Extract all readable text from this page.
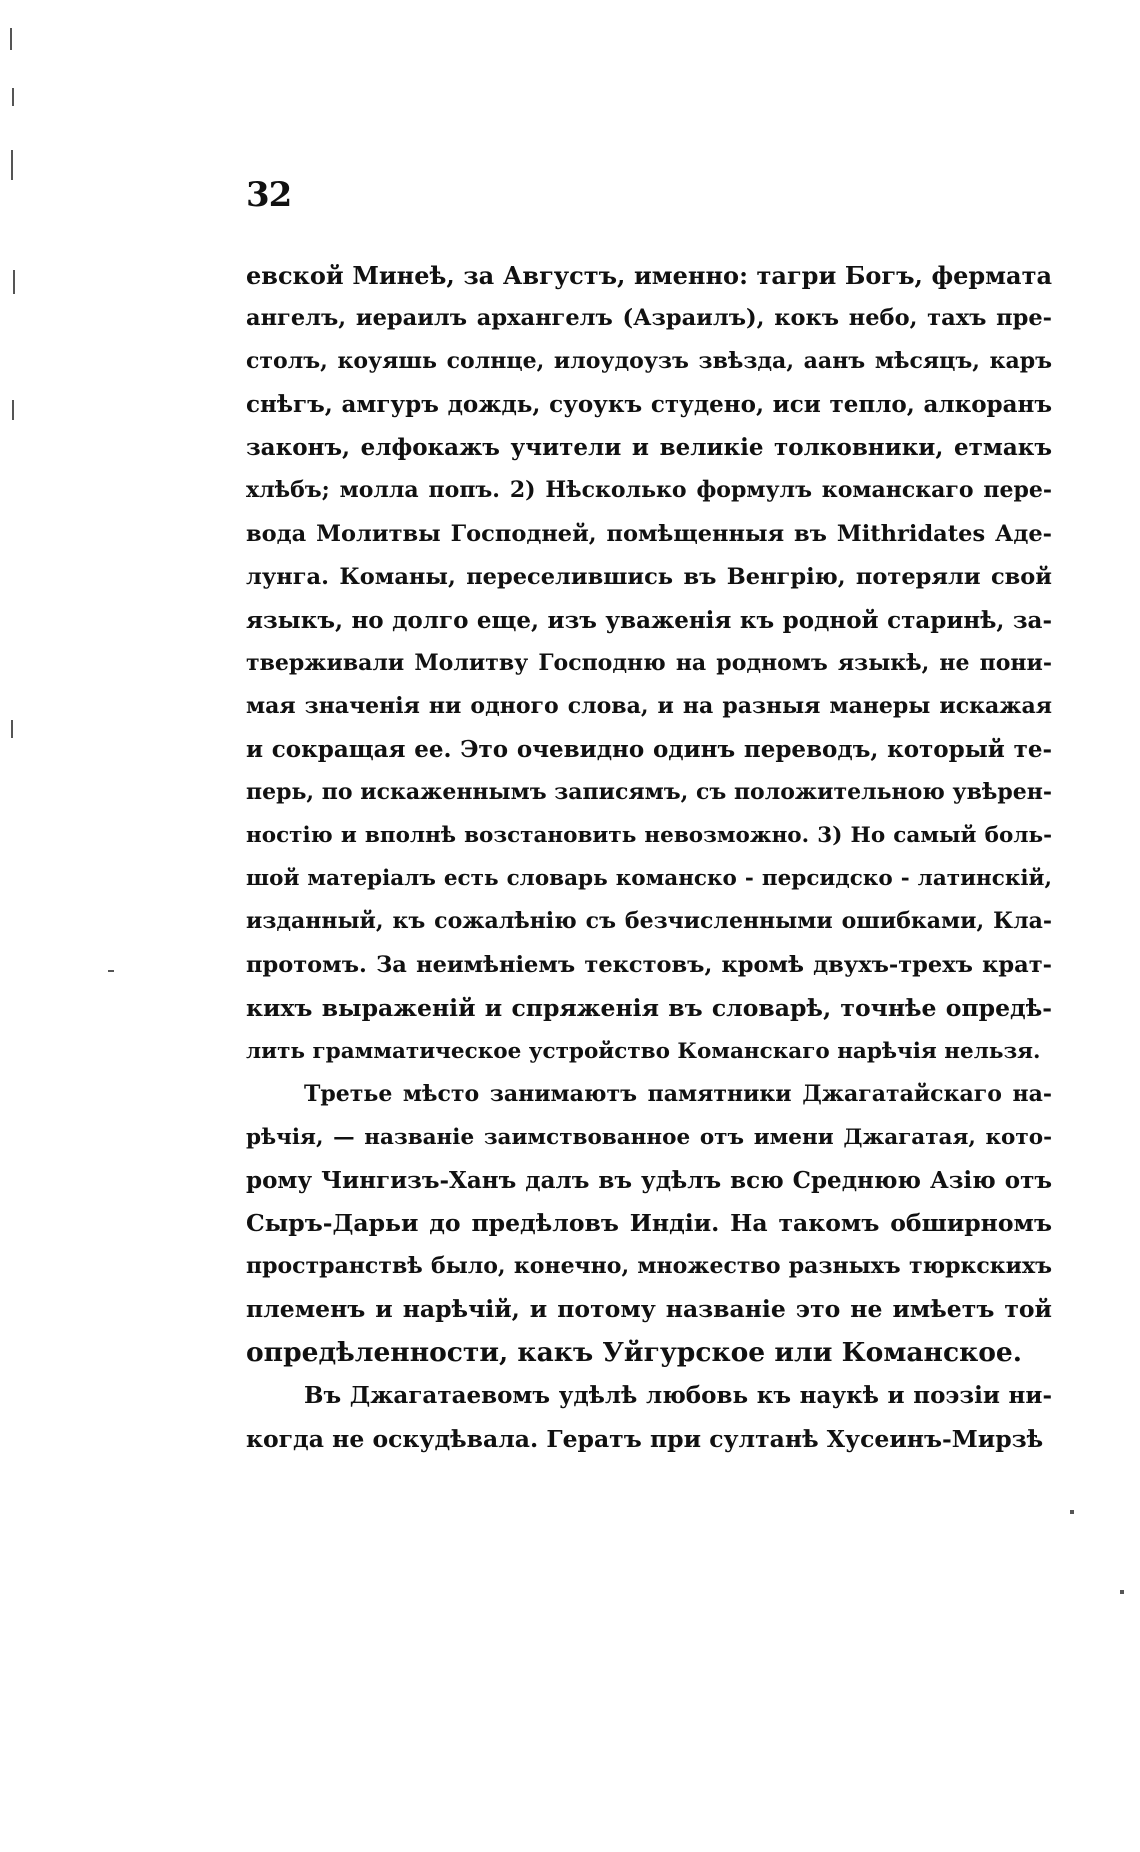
32
евской Минеѣ, за Августъ, именно: тагри Богъ, фермата
ангелъ, иераилъ архангелъ (Азраилъ), кокъ небо, тахъ пре-
столъ, коуяшь солнце, илоудоузъ звѣзда, аанъ мѣсяцъ, каръ
снѣгъ, амгуръ дождь, суоукъ студено, иси тепло, алкоранъ
законъ, елфокажъ учители и великіе толковники, етмакъ
хлѣбъ; молла попъ. 2) Нѣсколько формулъ команскаго перe-
вода Молитвы Господней, помѣщенныя въ Mithridates Аде-
лунга. Команы, переселившись въ Венгрію, потеряли свой
языкъ, но долго еще, изъ уваженія къ родной старинѣ, за-
тверживали Молитву Господню на родномъ языкѣ, не пони-
мая значенія ни одного слова, и на разныя манеры искажая
и сокращая ее. Это очевидно одинъ переводъ, который те-
перь, по искаженнымъ записямъ, съ положительною увѣрен-
ностію и вполнѣ возстановить невозможно. 3) Но самый боль-
шой матеріалъ есть словарь команско - персидско - латинскій,
изданный, къ сожалѣнію съ безчисленными ошибками, Кла-
протомъ. За неимѣніемъ текстовъ, кромѣ двухъ-трехъ крат-
кихъ выраженій и спряженія въ словарѣ, точнѣе опредѣ-
лить грамматическое устройство Команскаго нарѣчія нельзя.
Третье мѣсто занимаютъ памятники Джагатайскаго на-
рѣчія, — названіе заимствованное отъ имени Джагатая, кото-
рому Чингизъ-Ханъ далъ въ удѣлъ всю Среднюю Азію отъ
Сыръ-Дарьи до предѣловъ Индіи. На такомъ обширномъ
пространствѣ было, конечно, множество разныхъ тюркскихъ
племенъ и нарѣчій, и потому названіе это не имѣетъ той
опредѣленности, какъ Уйгурское или Команское.
Въ Джагатаевомъ удѣлѣ любовь къ наукѣ и поэзіи ни-
когда не оскудѣвала. Гератъ при султанѣ Хусеинъ-Мирзѣ
